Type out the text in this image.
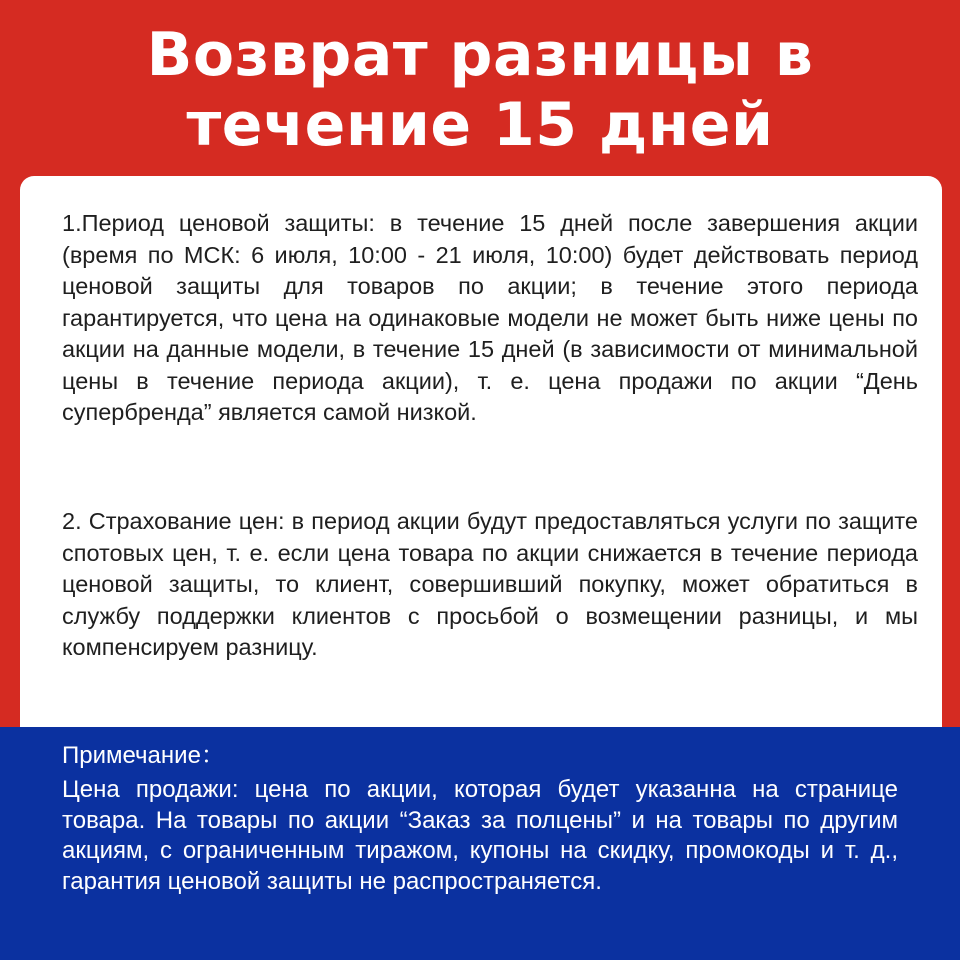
Возврат разницы в
течение 15 дней

1.Период ценовой защиты: в течение 15 дней после завершения акции (время по МСК: 6 июля, 10:00 - 21 июля, 10:00) будет действовать период ценовой защиты для товаров по акции; в течение этого периода гарантируется, что цена на одинаковые модели не может быть ниже цены по акции на данные модели, в течение 15 дней (в зависимости от минимальной цены в течение периода акции), т. е. цена продажи по акции “День супербренда” является самой низкой.

2. Страхование цен: в период акции будут предоставляться услуги по защите спотовых цен, т. е. если цена товара по акции снижается в течение периода ценовой защиты, то клиент, совершивший покупку, может обратиться в службу поддержки клиентов с просьбой о возмещении разницы, и мы компенсируем разницу.

Примечание：
Цена продажи: цена по акции, которая будет указанна на странице товара. На товары по акции “Заказ за полцены” и на товары по другим акциям, с ограниченным тиражом, купоны на скидку, промокоды и т. д., гарантия ценовой защиты не распространяется.
